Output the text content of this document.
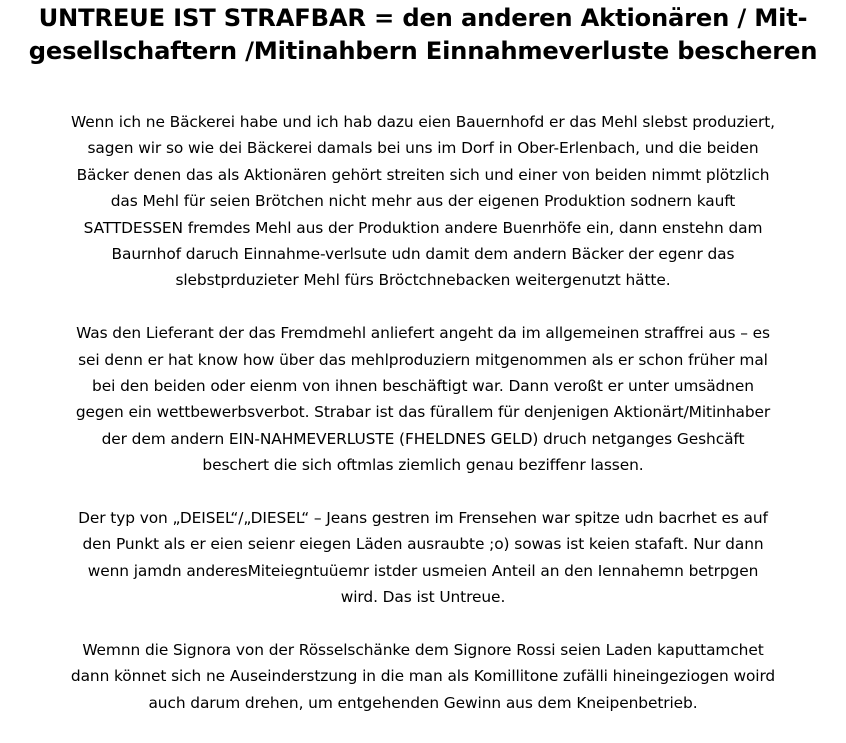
UNTREUE IST STRAFBAR = den anderen Aktionären / Mit-
gesellschaftern /Mitinahbern Einnahmeverluste bescheren

Wenn ich ne Bäckerei habe und ich hab dazu eien Bauernhofd er das Mehl slebst produziert,
sagen wir so wie dei Bäckerei damals bei uns im Dorf in Ober-Erlenbach, und die beiden
Bäcker denen das als Aktionären gehört streiten sich und einer von beiden nimmt plötzlich
das Mehl für seien Brötchen nicht mehr aus der eigenen Produktion sodnern kauft
SATTDESSEN fremdes Mehl aus der Produktion andere Buenrhöfe ein, dann enstehn dam
Baurnhof daruch Einnahme-verlsute udn damit dem andern Bäcker der egenr das
slebstprduzieter Mehl fürs Bröctchnebacken weitergenutzt hätte.

Was den Lieferant der das Fremdmehl anliefert angeht da im allgemeinen straffrei aus – es
sei denn er hat know how über das mehlproduziern mitgenommen als er schon früher mal
bei den beiden oder eienm von ihnen beschäftigt war. Dann veroßt er unter umsädnen
gegen ein wettbewerbsverbot. Strabar ist das fürallem für denjenigen Aktionärt/Mitinhaber
der dem andern EIN-NAHMEVERLUSTE (FHELDNES GELD) druch netganges Geshcäft
beschert die sich oftmlas ziemlich genau beziffenr lassen.

Der typ von „DEISEL“/„DIESEL“ – Jeans gestren im Frensehen war spitze udn bacrhet es auf
den Punkt als er eien seienr eiegen Läden ausraubte ;o) sowas ist keien stafaft. Nur dann
wenn jamdn anderesMiteiegntuüemr istder usmeien Anteil an den Iennahemn betrpgen
wird. Das ist Untreue.

Wemnn die Signora von der Rösselschänke dem Signore Rossi seien Laden kaputtamchet
dann könnet sich ne Auseinderstzung in die man als Komillitone zufälli hineingeziogen woird
auch darum drehen, um entgehenden Gewinn aus dem Kneipenbetrieb.
